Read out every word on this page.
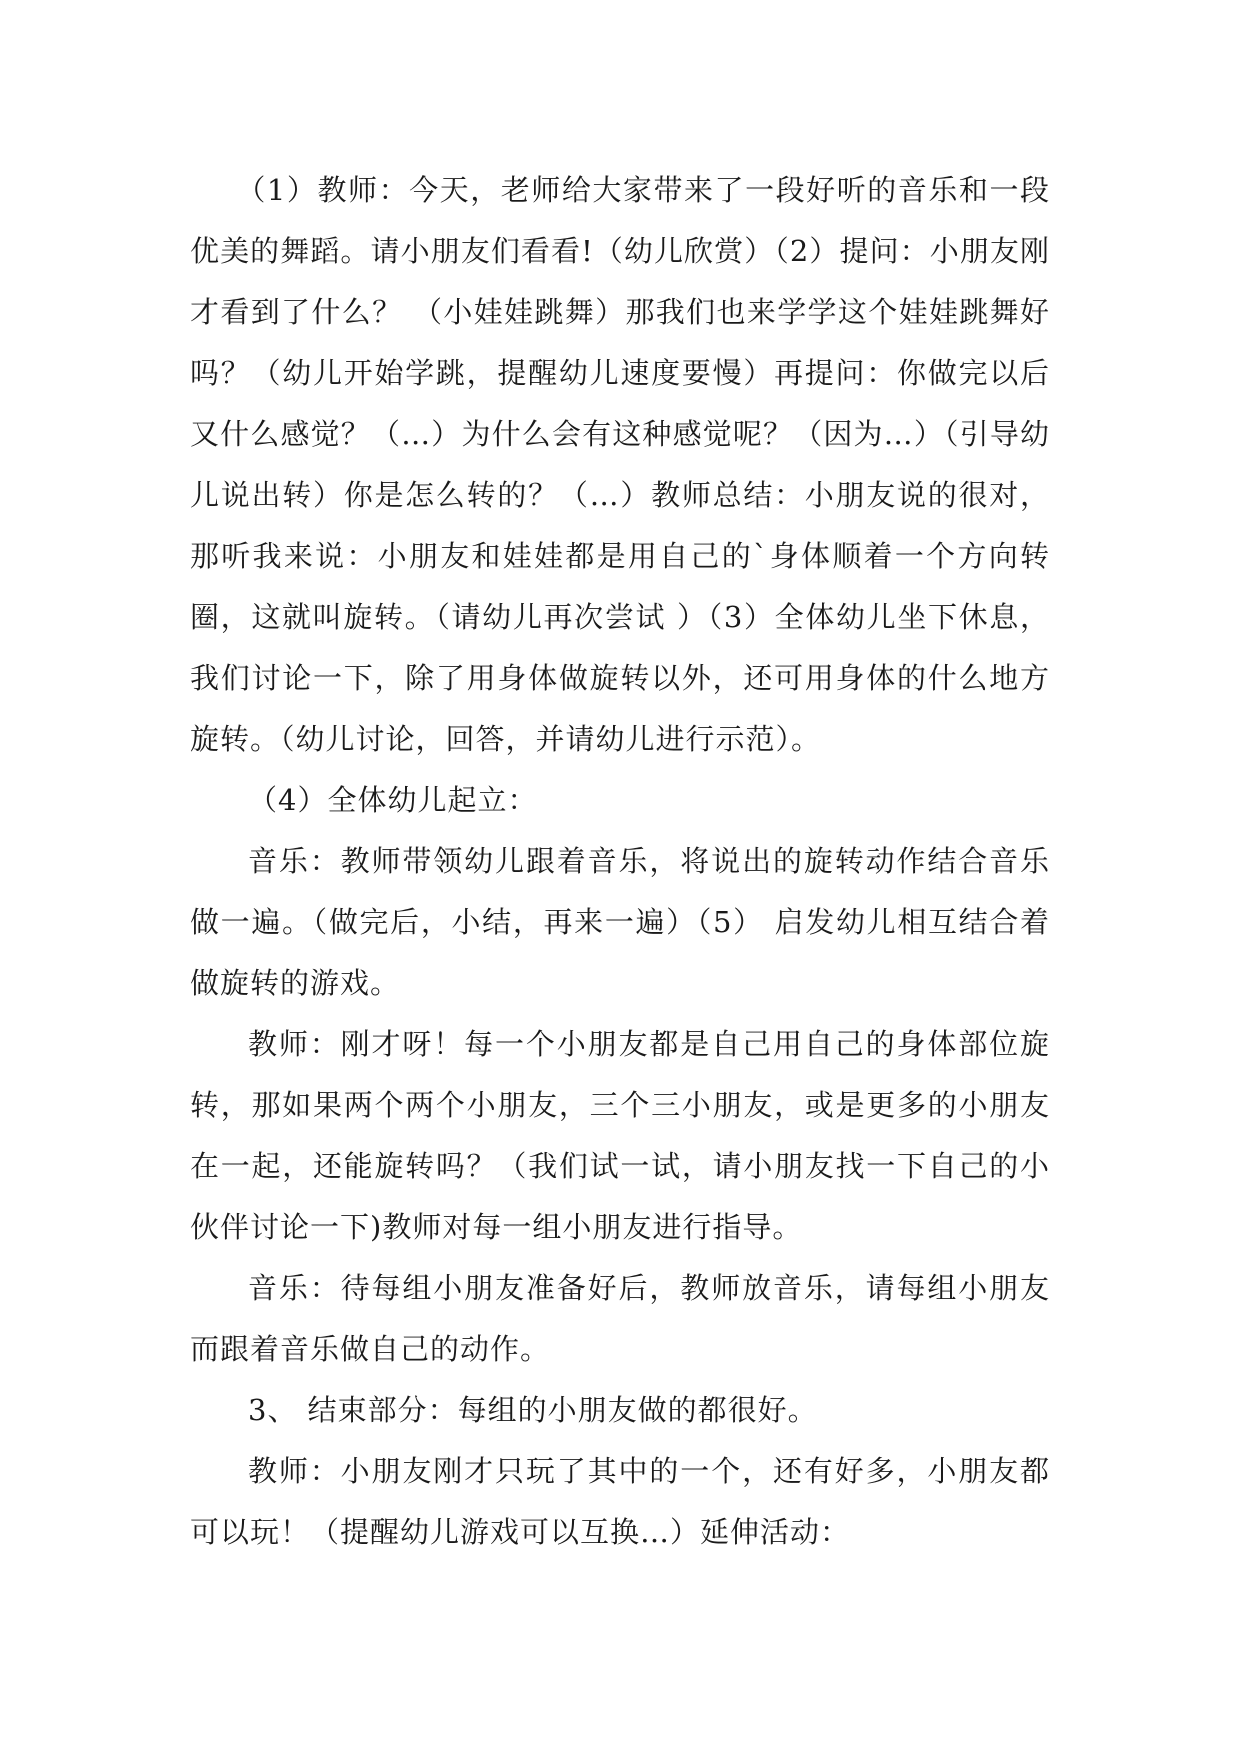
（1）教师：今天，老师给大家带来了一段好听的音乐和一段优美的舞蹈。请小朋友们看看!（幼儿欣赏）（2）提问：小朋友刚才看到了什么？ （小娃娃跳舞）那我们也来学学这个娃娃跳舞好吗？（幼儿开始学跳，提醒幼儿速度要慢）再提问：你做完以后又什么感觉？（…）为什么会有这种感觉呢？（因为…）（引导幼儿说出转）你是怎么转的？（…）教师总结：小朋友说的很对，那听我来说：小朋友和娃娃都是用自己的`身体顺着一个方向转圈，这就叫旋转。（请幼儿再次尝试 ）（3）全体幼儿坐下休息，我们讨论一下，除了用身体做旋转以外，还可用身体的什么地方旋转。（幼儿讨论，回答，并请幼儿进行示范）。

（4）全体幼儿起立：

音乐：教师带领幼儿跟着音乐，将说出的旋转动作结合音乐做一遍。（做完后，小结，再来一遍）（5） 启发幼儿相互结合着做旋转的游戏。

教师：刚才呀！每一个小朋友都是自己用自己的身体部位旋转，那如果两个两个小朋友，三个三小朋友，或是更多的小朋友在一起，还能旋转吗？（我们试一试，请小朋友找一下自己的小伙伴讨论一下)教师对每一组小朋友进行指导。

音乐：待每组小朋友准备好后，教师放音乐，请每组小朋友而跟着音乐做自己的动作。

3、 结束部分：每组的小朋友做的都很好。

教师：小朋友刚才只玩了其中的一个，还有好多，小朋友都可以玩！（提醒幼儿游戏可以互换…）延伸活动：
